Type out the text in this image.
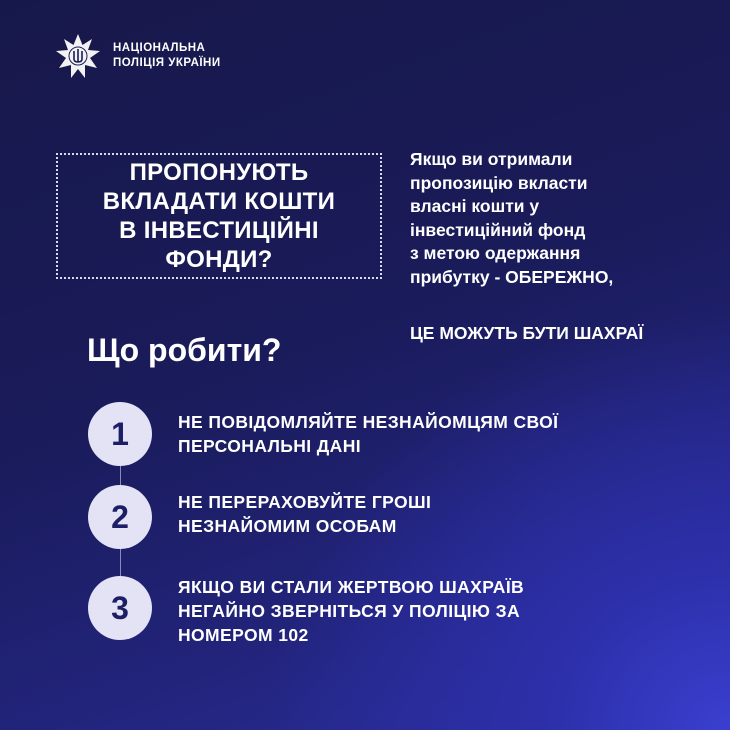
НАЦІОНАЛЬНА
ПОЛІЦІЯ УКРАЇНИ
ПРОПОНУЮТЬ
ВКЛАДАТИ КОШТИ
В ІНВЕСТИЦІЙНІ
ФОНДИ?
Якщо ви отримали
пропозицію вкласти
власні кошти у
інвестиційний фонд
з метою одержання
прибутку - ОБЕРЕЖНО,
ЦЕ МОЖУТЬ БУТИ ШАХРАЇ
Що робити?
1	НЕ ПОВІДОМЛЯЙТЕ НЕЗНАЙОМЦЯМ СВОЇ
ПЕРСОНАЛЬНІ ДАНІ
2	НЕ ПЕРЕРАХОВУЙТЕ ГРОШІ
НЕЗНАЙОМИМ ОСОБАМ
3
ЯКЩО ВИ СТАЛИ ЖЕРТВОЮ ШАХРАЇВ
НЕГАЙНО ЗВЕРНІТЬСЯ У ПОЛІЦІЮ ЗА
НОМЕРОМ 102
